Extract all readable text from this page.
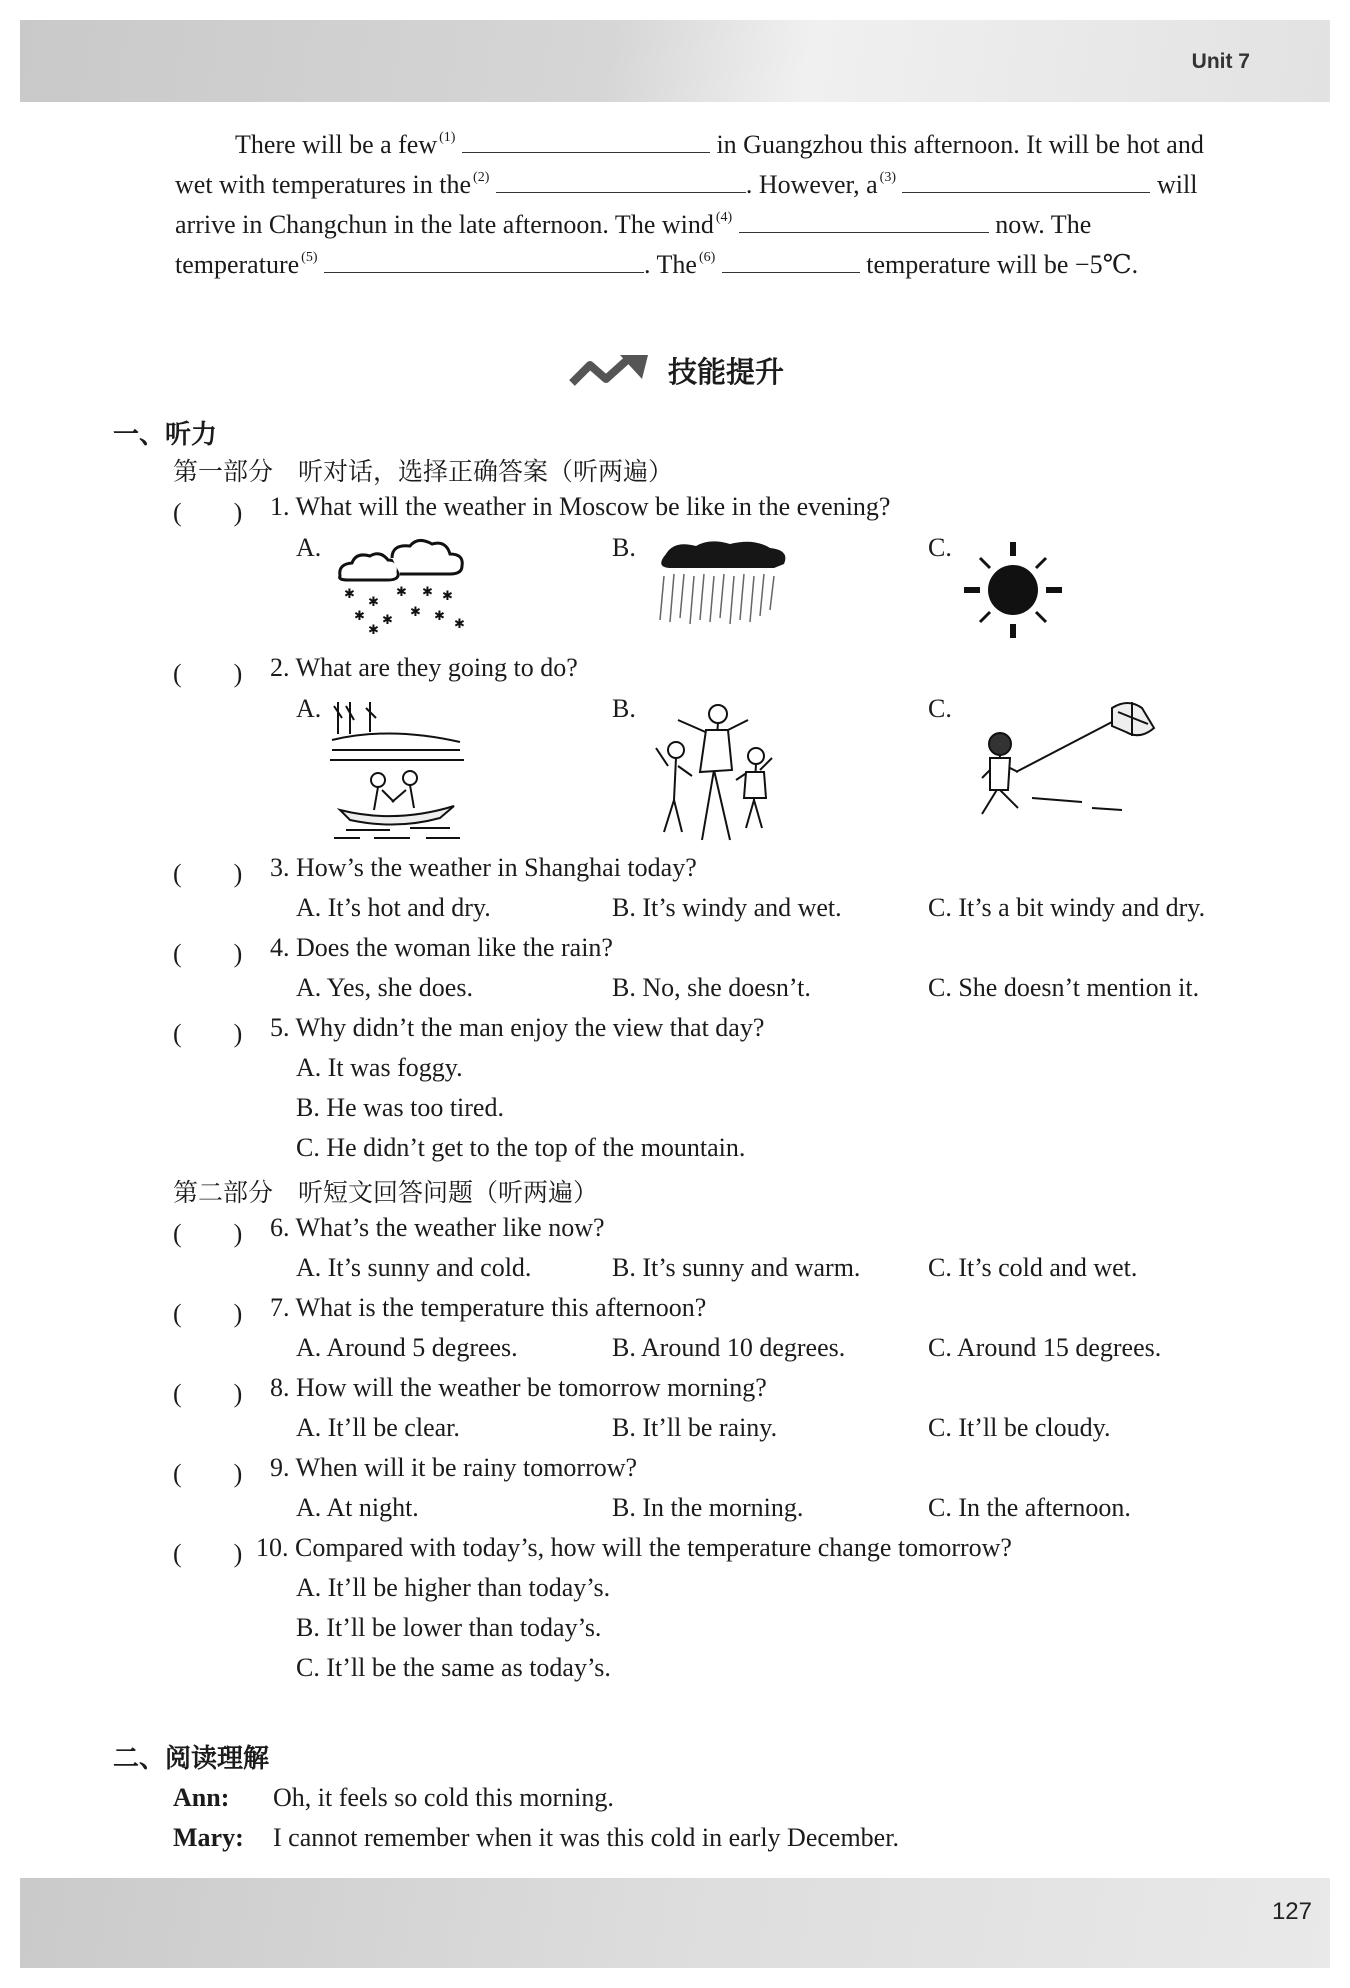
Unit 7
There will be a few $^{(1)}$	in Guangzhou this afternoon. It will be hot and
wet with temperatures in the $^{(2)}$	. However, a $^{(3)}$	will
arrive in Changchun in the late afternoon. The wind $^{(4)}$	now. The
temperature $^{(5)}$	. The $^{(6)}$	temperature will be −5℃.
技能提升
一、听力
第一部分　听对话，选择正确答案（听两遍）
(　　) 1. What will the weather in Moscow be like in the evening?
A.	B.	C.
✱
✱
✱ ✱ ✱
✱ ✱
✱ ✱
✱	✱
(　　) 2. What are they going to do?
A.	B.	C.
(　　) 3. How’s the weather in Shanghai today?
A. It’s hot and dry.	B. It’s windy and wet.	C. It’s a bit windy and dry.
(　　) 4. Does the woman like the rain?
A. Yes, she does.	B. No, she doesn’t.	C. She doesn’t mention it.
(　　) 5. Why didn’t the man enjoy the view that day?
A. It was foggy.
B. He was too tired.
C. He didn’t get to the top of the mountain.
第二部分　听短文回答问题（听两遍）
(　　) 6. What’s the weather like now?
A. It’s sunny and cold.	B. It’s sunny and warm.	C. It’s cold and wet.
(　　) 7. What is the temperature this afternoon?
A. Around 5 degrees.	B. Around 10 degrees.	C. Around 15 degrees.
(　　) 8. How will the weather be tomorrow morning?
A. It’ll be clear.	B. It’ll be rainy.	C. It’ll be cloudy.
(　　) 9. When will it be rainy tomorrow?
A. At night.	B. In the morning.	C. In the afternoon.
(　　) 10. Compared with today’s, how will the temperature change tomorrow?
A. It’ll be higher than today’s.
B. It’ll be lower than today’s.
C. It’ll be the same as today’s.
二、阅读理解
Ann: Oh, it feels so cold this morning.
Mary: I cannot remember when it was this cold in early December.
127
